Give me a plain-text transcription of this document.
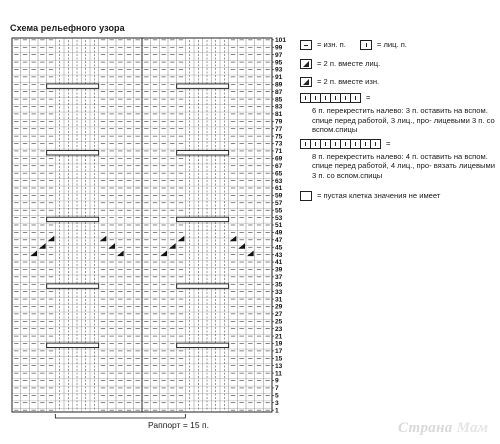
Схема рельефного узора
1
3
5
7
9
11
13
15
17
19
21
23
25
27
29
31
33
35
37
39
41
43
45
47
49
51
53
55
57
59
61
63
65
67
69
71
73
75
77
79
81
83
85
87
89
91
93
95
97
99
101	= изн. п.	= лиц. п.
= 2 п. вместе лиц.
= 2 п. вместе изн.
=
6 п. перекрестить налево: 3 п. оставить на вспом. спице перед работой, 3 лиц., про- лицевыми 3 п. со вспом.спицы
=
8 п. перекрестить налево: 4 п. оставить на вспом. спице перед работой, 4 лиц., про- вязать лицевыми 3 п. со вспом.спицы
= пустая клетка значения не имеет
Раппорт = 15 п.	Страна Мам
